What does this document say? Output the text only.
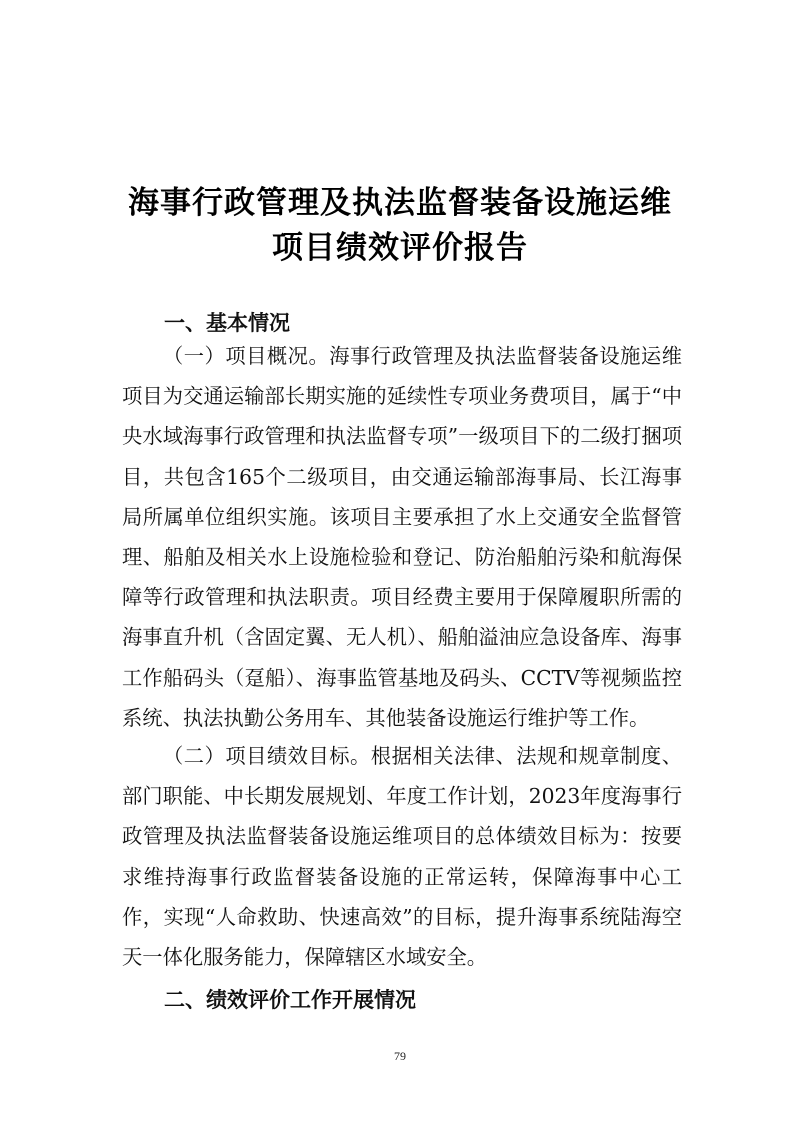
海事行政管理及执法监督装备设施运维
项目绩效评价报告
一、基本情况

（一）项目概况。海事行政管理及执法监督装备设施运维项目为交通运输部长期实施的延续性专项业务费项目，属于“中央水域海事行政管理和执法监督专项”一级项目下的二级打捆项目，共包含165个二级项目，由交通运输部海事局、长江海事局所属单位组织实施。该项目主要承担了水上交通安全监督管理、船舶及相关水上设施检验和登记、防治船舶污染和航海保障等行政管理和执法职责。项目经费主要用于保障履职所需的海事直升机（含固定翼、无人机）、船舶溢油应急设备库、海事工作船码头（趸船）、海事监管基地及码头、CCTV等视频监控系统、执法执勤公务用车、其他装备设施运行维护等工作。

（二）项目绩效目标。根据相关法律、法规和规章制度、部门职能、中长期发展规划、年度工作计划，2023年度海事行政管理及执法监督装备设施运维项目的总体绩效目标为：按要求维持海事行政监督装备设施的正常运转，保障海事中心工作，实现“人命救助、快速高效”的目标，提升海事系统陆海空天一体化服务能力，保障辖区水域安全。

二、绩效评价工作开展情况
79
